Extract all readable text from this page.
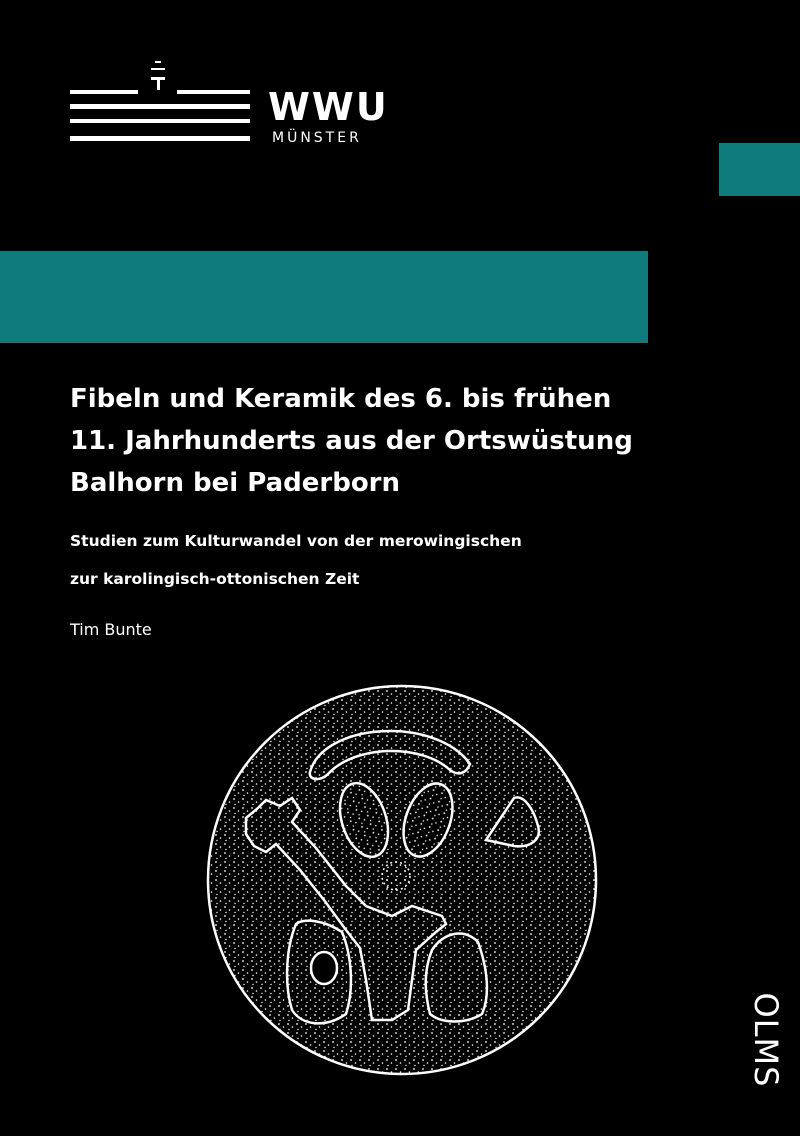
WWU
MÜNSTER
Fibeln und Keramik des 6. bis frühen
11. Jahrhunderts aus der Ortswüstung
Balhorn bei Paderborn

Studien zum Kulturwandel von der merowingischen
zur karolingisch-ottonischen Zeit

Tim Bunte
OLMS
